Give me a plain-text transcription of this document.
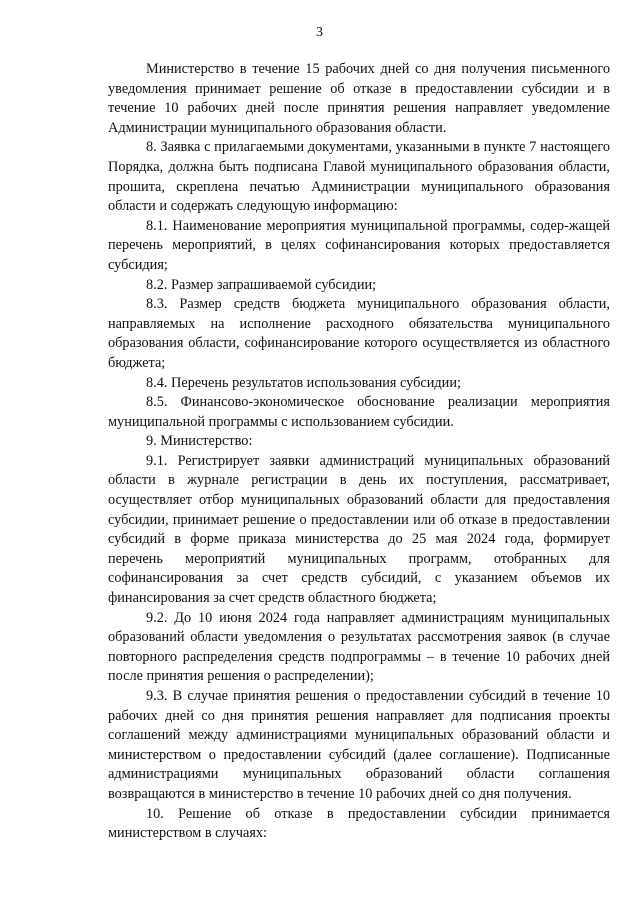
3

Министерство в течение 15 рабочих дней со дня получения письменного уведомления принимает решение об отказе в предоставлении субсидии и в течение 10 рабочих дней после принятия решения направляет уведомление Администрации муниципального образования области.

8. Заявка с прилагаемыми документами, указанными в пункте 7 настоящего Порядка, должна быть подписана Главой муниципального образования области, прошита, скреплена печатью Администрации муниципального образования области и содержать следующую информацию:

8.1. Наименование мероприятия муниципальной программы, содер-жащей перечень мероприятий, в целях софинансирования которых предоставляется субсидия;

8.2. Размер запрашиваемой субсидии;

8.3. Размер средств бюджета муниципального образования области, направляемых на исполнение расходного обязательства муниципального образования области, софинансирование которого осуществляется из областного бюджета;

8.4. Перечень результатов использования субсидии;

8.5. Финансово-экономическое обоснование реализации мероприятия муниципальной программы с использованием субсидии.

9. Министерство:

9.1. Регистрирует заявки администраций муниципальных образований области в журнале регистрации в день их поступления, рассматривает, осуществляет отбор муниципальных образований области для предоставления субсидии, принимает решение о предоставлении или об отказе в предоставлении субсидий в форме приказа министерства до 25 мая 2024 года, формирует перечень мероприятий муниципальных программ, отобранных для софинансирования за счет средств субсидий, с указанием объемов их финансирования за счет средств областного бюджета;

9.2. До 10 июня 2024 года направляет администрациям муниципальных образований области уведомления о результатах рассмотрения заявок (в случае повторного распределения средств подпрограммы – в течение 10 рабочих дней после принятия решения о распределении);

9.3. В случае принятия решения о предоставлении субсидий в течение 10 рабочих дней со дня принятия решения направляет для подписания проекты соглашений между администрациями муниципальных образований области и министерством о предоставлении субсидий (далее соглашение). Подписанные администрациями муниципальных образований области соглашения возвращаются в министерство в течение 10 рабочих дней со дня получения.

10. Решение об отказе в предоставлении субсидии принимается министерством в случаях:
